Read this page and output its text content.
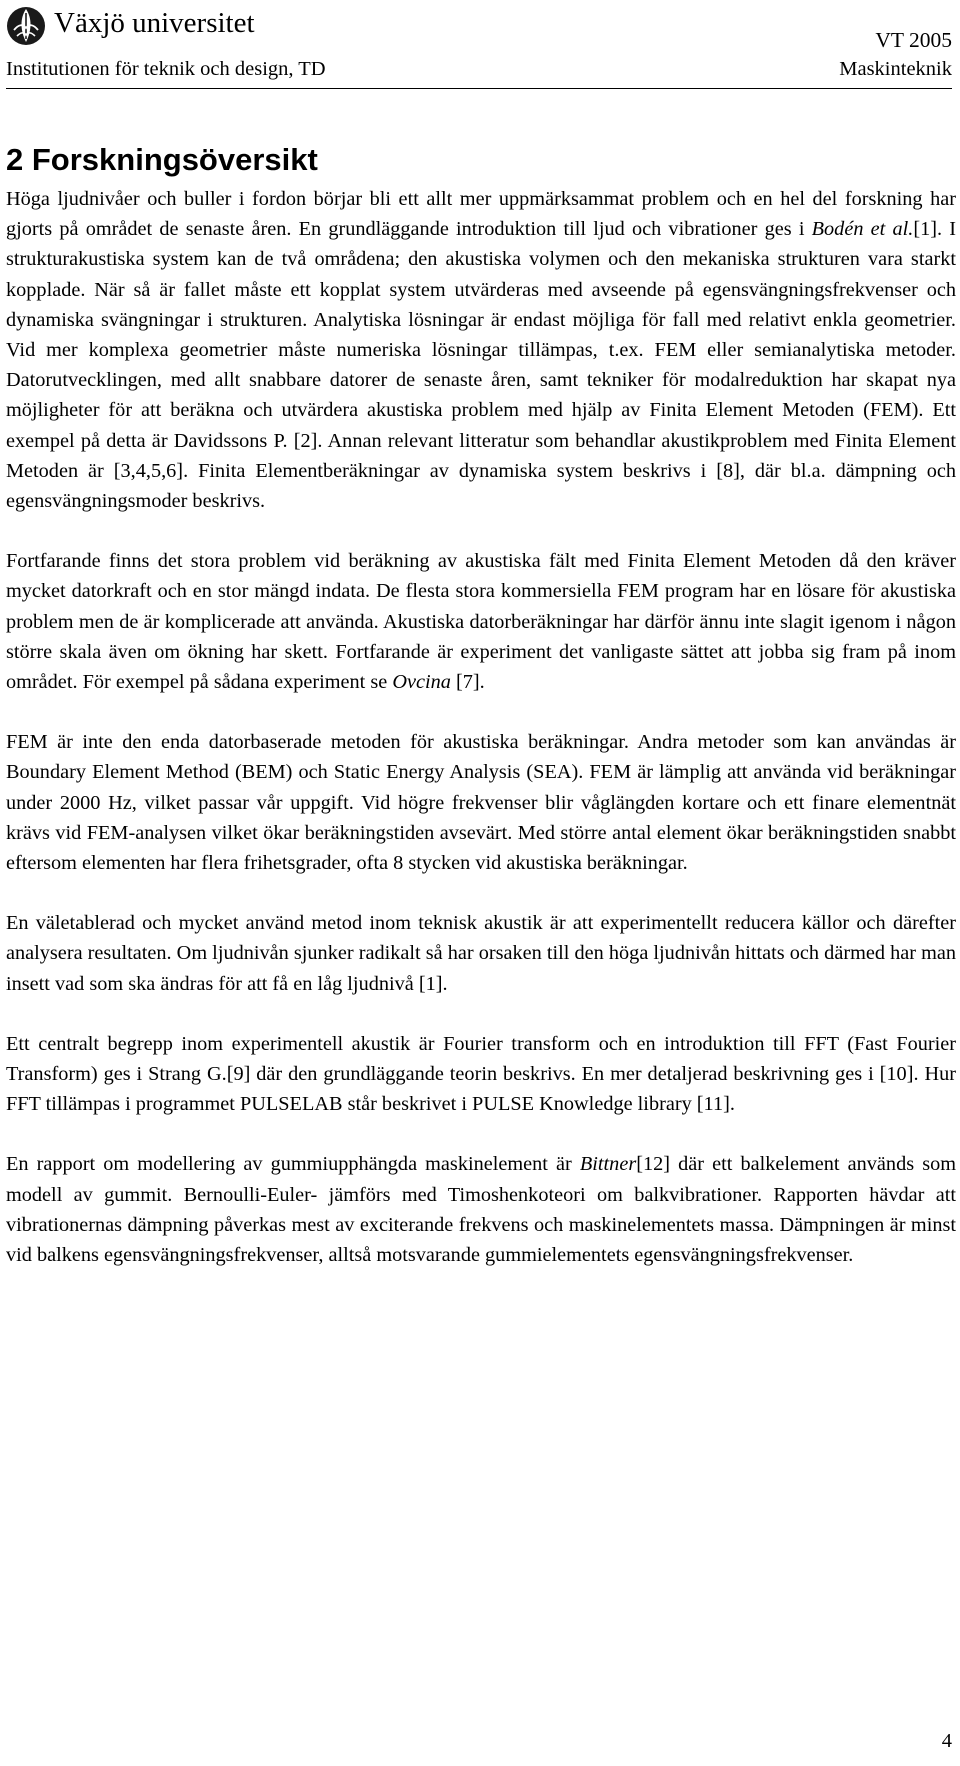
Växjö universitet
VT 2005
Institutionen för teknik och design, TD	Maskinteknik
2 Forskningsöversikt

Höga ljudnivåer och buller i fordon börjar bli ett allt mer uppmärksammat problem och en hel del forskning har gjorts på området de senaste åren. En grundläggande introduktion till ljud och vibrationer ges i Bodén et al.[1]. I strukturakustiska system kan de två områdena; den akustiska volymen och den mekaniska strukturen vara starkt kopplade. När så är fallet måste ett kopplat system utvärderas med avseende på egensvängningsfrekvenser och dynamiska svängningar i strukturen. Analytiska lösningar är endast möjliga för fall med relativt enkla geometrier. Vid mer komplexa geometrier måste numeriska lösningar tillämpas, t.ex. FEM eller semianalytiska metoder. Datorutvecklingen, med allt snabbare datorer de senaste åren, samt tekniker för modalreduktion har skapat nya möjligheter för att beräkna och utvärdera akustiska problem med hjälp av Finita Element Metoden (FEM). Ett exempel på detta är Davidssons P. [2]. Annan relevant litteratur som behandlar akustikproblem med Finita Element Metoden är [3,4,5,6]. Finita Elementberäkningar av dynamiska system beskrivs i [8], där bl.a. dämpning och egensvängningsmoder beskrivs.

Fortfarande finns det stora problem vid beräkning av akustiska fält med Finita Element Metoden då den kräver mycket datorkraft och en stor mängd indata. De flesta stora kommersiella FEM program har en lösare för akustiska problem men de är komplicerade att använda. Akustiska datorberäkningar har därför ännu inte slagit igenom i någon större skala även om ökning har skett. Fortfarande är experiment det vanligaste sättet att jobba sig fram på inom området. För exempel på sådana experiment se Ovcina [7].

FEM är inte den enda datorbaserade metoden för akustiska beräkningar. Andra metoder som kan användas är Boundary Element Method (BEM) och Static Energy Analysis (SEA). FEM är lämplig att använda vid beräkningar under 2000 Hz, vilket passar vår uppgift. Vid högre frekvenser blir våglängden kortare och ett finare elementnät krävs vid FEM-analysen vilket ökar beräkningstiden avsevärt. Med större antal element ökar beräkningstiden snabbt eftersom elementen har flera frihetsgrader, ofta 8 stycken vid akustiska beräkningar.

En väletablerad och mycket använd metod inom teknisk akustik är att experimentellt reducera källor och därefter analysera resultaten. Om ljudnivån sjunker radikalt så har orsaken till den höga ljudnivån hittats och därmed har man insett vad som ska ändras för att få en låg ljudnivå [1].

Ett centralt begrepp inom experimentell akustik är Fourier transform och en introduktion till FFT (Fast Fourier Transform) ges i Strang G.[9] där den grundläggande teorin beskrivs. En mer detaljerad beskrivning ges i [10]. Hur FFT tillämpas i programmet PULSELAB står beskrivet i PULSE Knowledge library [11].

En rapport om modellering av gummiupphängda maskinelement är Bittner[12] där ett balkelement används som modell av gummit. Bernoulli-Euler- jämförs med Timoshenkoteori om balkvibrationer. Rapporten hävdar att vibrationernas dämpning påverkas mest av exciterande frekvens och maskinelementets massa. Dämpningen är minst vid balkens egensvängningsfrekvenser, alltså motsvarande gummielementets egensvängningsfrekvenser.

4
